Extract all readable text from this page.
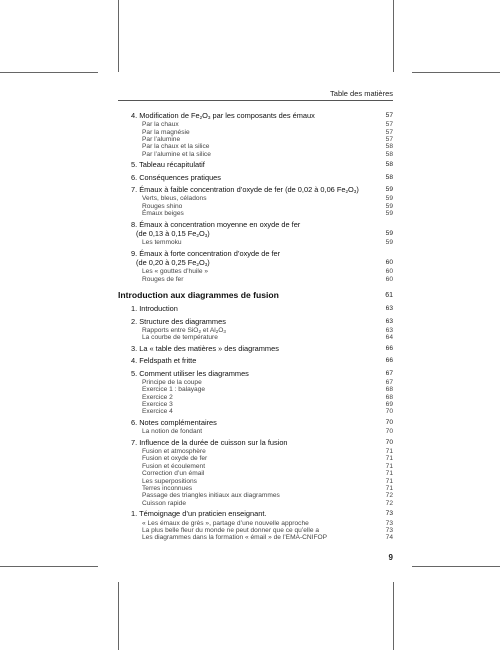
Table des matières
4. Modification de $Fe_2O_3$ par les composants des émaux	57
Par la chaux	57
Par la magnésie	57
Par l’alumine	57
Par la chaux et la silice	58
Par l’alumine et la silice	58
5. Tableau récapitulatif	58
6. Conséquences pratiques	58
7. Émaux à faible concentration d’oxyde de fer (de 0,02 à 0,06 $Fe_2O_3$)	59
Verts, bleus, céladons	59
Rouges shino	59
Émaux beiges	59
8. Émaux à concentration moyenne en oxyde de fer
(de 0,13 à 0,15 $Fe_2O_3$)	59
Les temmoku	59
9. Émaux à forte concentration d’oxyde de fer
(de 0,20 à 0,25 $Fe_2O_3$)	60
Les « gouttes d’huile »	60
Rouges de fer	60
Introduction aux diagrammes de fusion	61
1. Introduction	63
2. Structure des diagrammes	63
Rapports entre SiO$_2$ et $Al_2O_3$	63
La courbe de température	64
3. La « table des matières » des diagrammes	66
4. Feldspath et fritte	66
5. Comment utiliser les diagrammes	67
Principe de la coupe	67
Exercice 1 : balayage	68
Exercice 2	68
Exercice 3	69
Exercice 4	70
6. Notes complémentaires	70
La notion de fondant	70
7. Influence de la durée de cuisson sur la fusion	70
Fusion et atmosphère	71
Fusion et oxyde de fer	71
Fusion et écoulement	71
Correction d’un émail	71
Les superpositions	71
Terres inconnues	71
Passage des triangles initiaux aux diagrammes	72
Cuisson rapide	72
1. Témoignage d’un praticien enseignant.	73
« Les émaux de grès », partage d’une nouvelle approche	73
La plus belle fleur du monde ne peut donner que ce qu’elle a	73
Les diagrammes dans la formation « émail » de l’EMA-CNIFOP	74
9
